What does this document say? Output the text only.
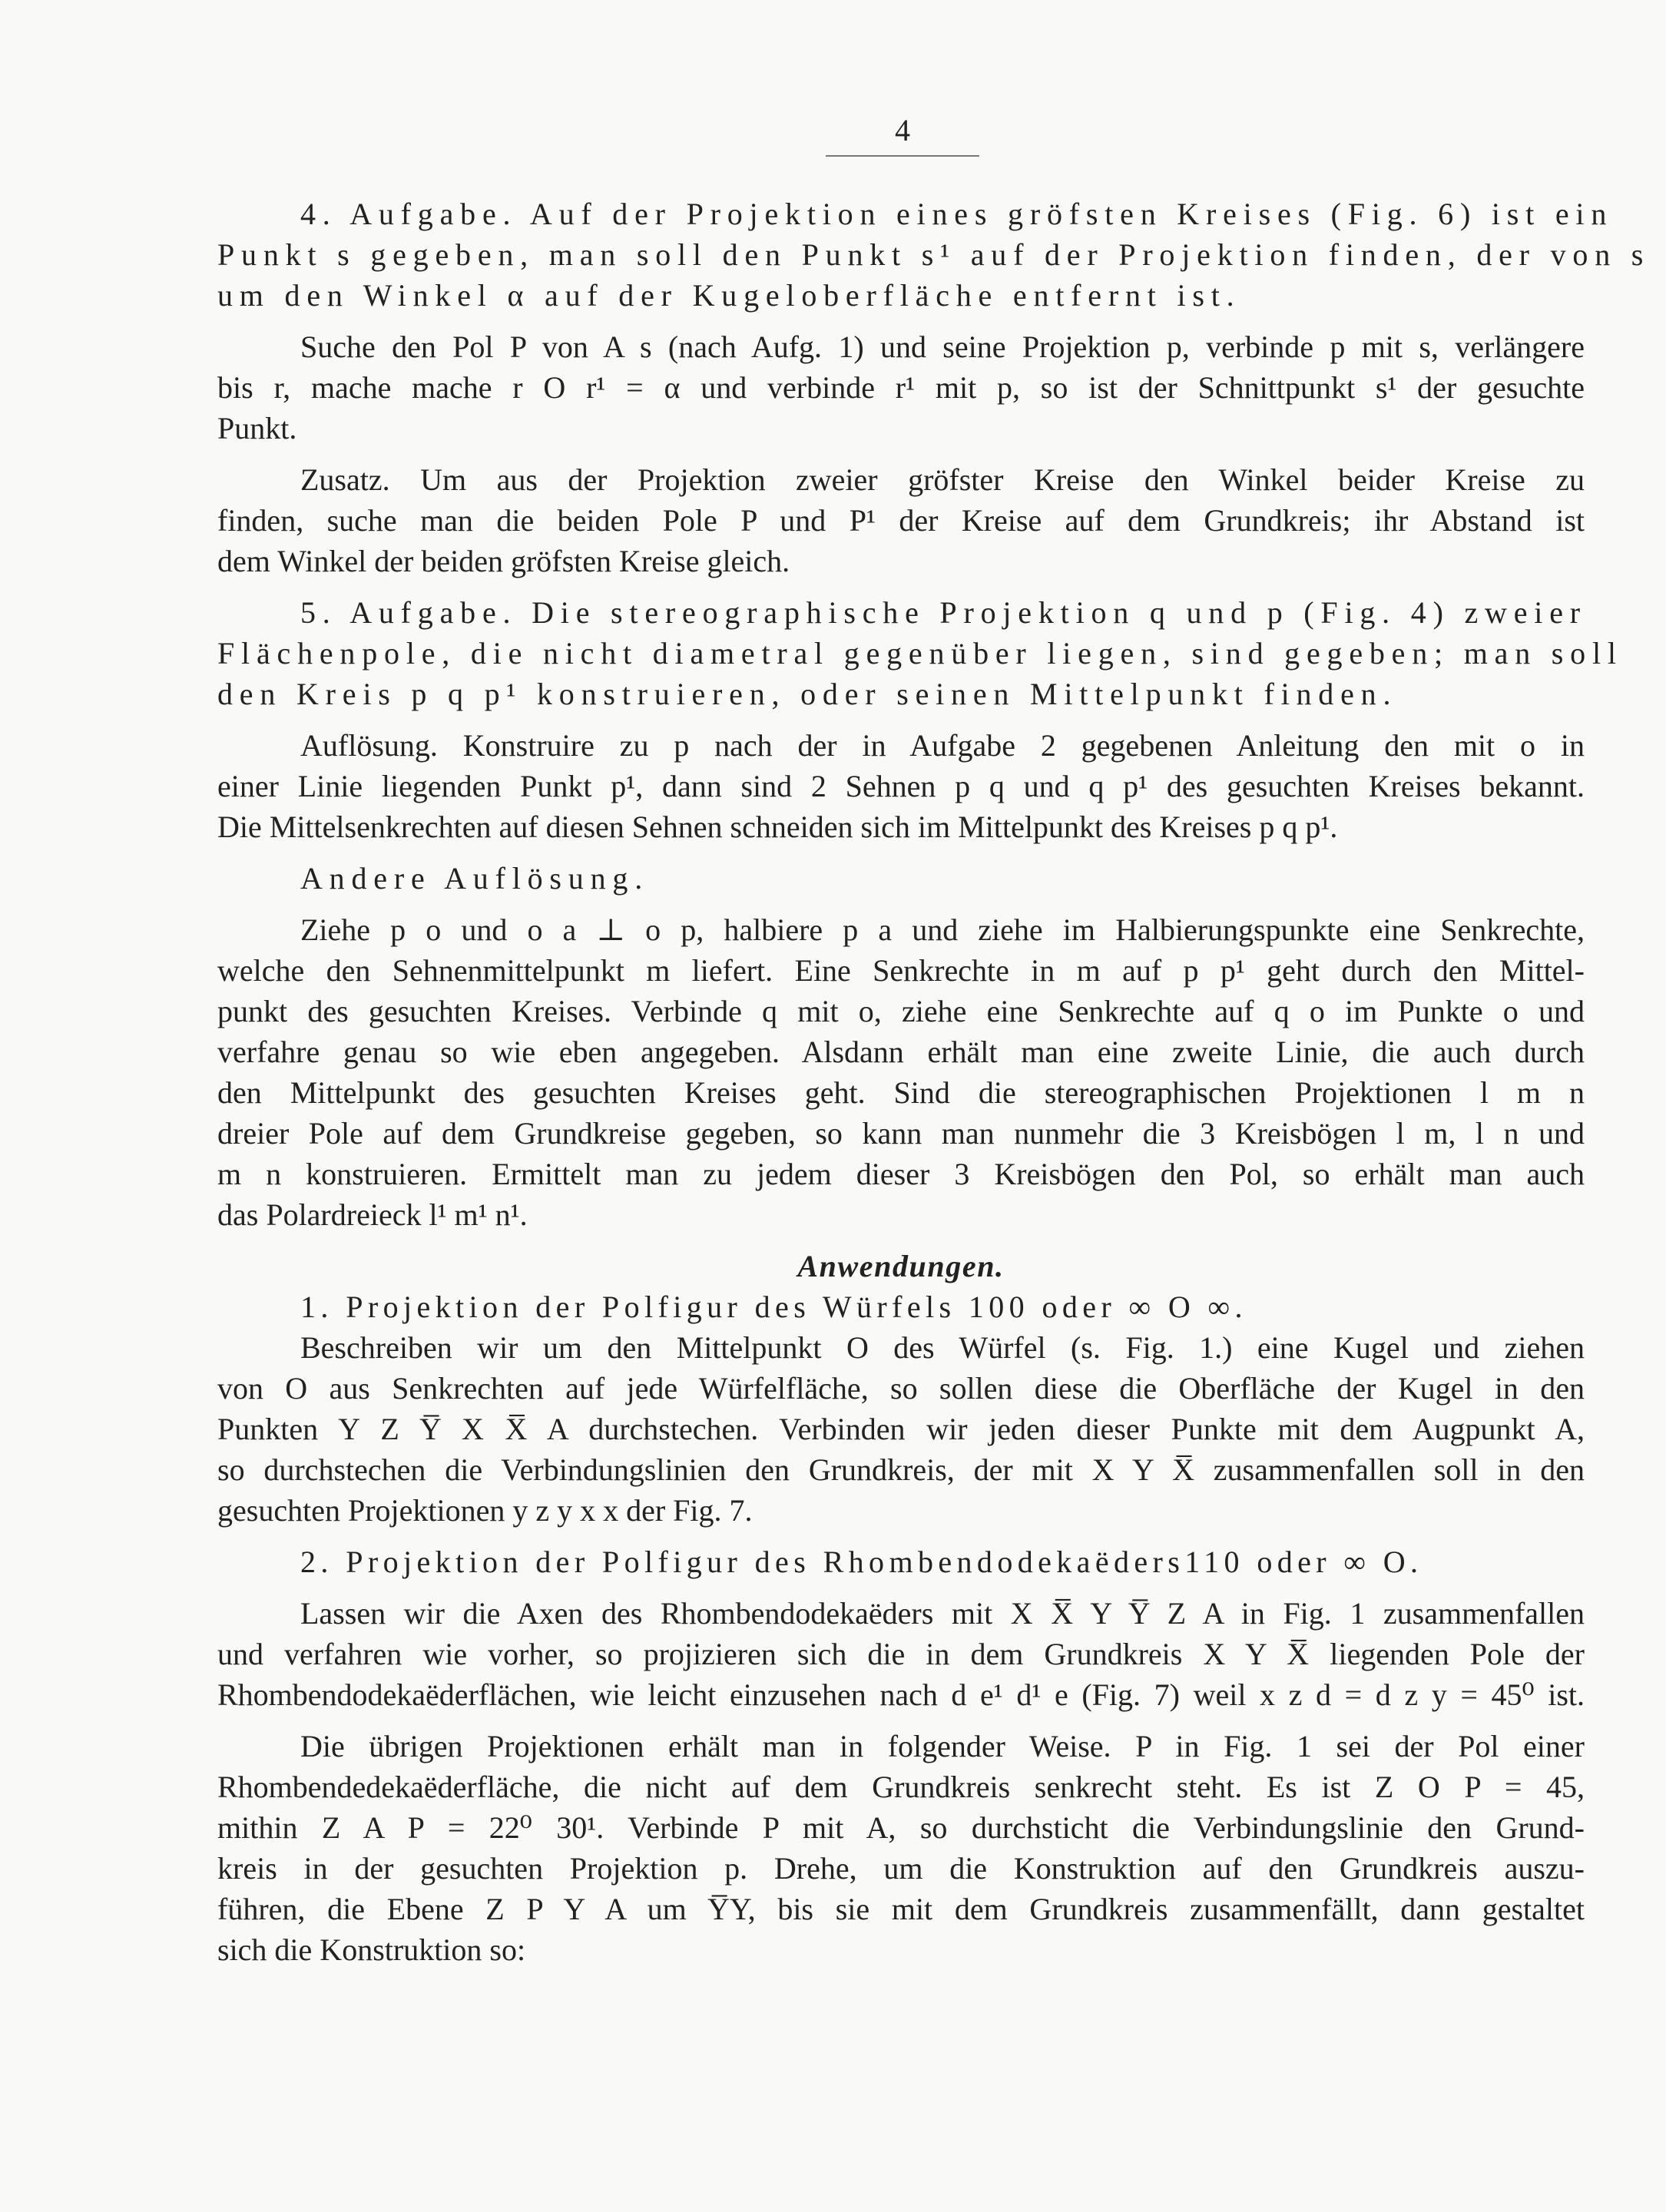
4
4. Aufgabe. Auf der Projektion eines gröfsten Kreises (Fig. 6) ist ein
Punkt s gegeben, man soll den Punkt s¹ auf der Projektion finden, der von s
um den Winkel α auf der Kugeloberfläche entfernt ist.
Suche den Pol P von A s (nach Aufg. 1) und seine Projektion p, verbinde p mit s, verlängere
bis r, mache mache r O r¹ = α und verbinde r¹ mit p, so ist der Schnittpunkt s¹ der gesuchte
Punkt.
Zusatz. Um aus der Projektion zweier gröfster Kreise den Winkel beider Kreise zu
finden, suche man die beiden Pole P und P¹ der Kreise auf dem Grundkreis; ihr Abstand ist
dem Winkel der beiden gröfsten Kreise gleich.
5. Aufgabe. Die stereographische Projektion q und p (Fig. 4) zweier
Flächenpole, die nicht diametral gegenüber liegen, sind gegeben; man soll
den Kreis p q p¹ konstruieren, oder seinen Mittelpunkt finden.
Auflösung. Konstruire zu p nach der in Aufgabe 2 gegebenen Anleitung den mit o in
einer Linie liegenden Punkt p¹, dann sind 2 Sehnen p q und q p¹ des gesuchten Kreises bekannt.
Die Mittelsenkrechten auf diesen Sehnen schneiden sich im Mittelpunkt des Kreises p q p¹.
Andere Auflösung.
Ziehe p o und o a ⊥ o p, halbiere p a und ziehe im Halbierungspunkte eine Senkrechte,
welche den Sehnenmittelpunkt m liefert. Eine Senkrechte in m auf p p¹ geht durch den Mittel-
punkt des gesuchten Kreises. Verbinde q mit o, ziehe eine Senkrechte auf q o im Punkte o und
verfahre genau so wie eben angegeben. Alsdann erhält man eine zweite Linie, die auch durch
den Mittelpunkt des gesuchten Kreises geht. Sind die stereographischen Projektionen l m n
dreier Pole auf dem Grundkreise gegeben, so kann man nunmehr die 3 Kreisbögen l m, l n und
m n konstruieren. Ermittelt man zu jedem dieser 3 Kreisbögen den Pol, so erhält man auch
das Polardreieck l¹ m¹ n¹.
Anwendungen.
1. Projektion der Polfigur des Würfels 100 oder ∞ O ∞.
Beschreiben wir um den Mittelpunkt O des Würfel (s. Fig. 1.) eine Kugel und ziehen
von O aus Senkrechten auf jede Würfelfläche, so sollen diese die Oberfläche der Kugel in den
Punkten Y Z Y̅ X X̅ A durchstechen. Verbinden wir jeden dieser Punkte mit dem Augpunkt A,
so durchstechen die Verbindungslinien den Grundkreis, der mit X Y X̅ zusammenfallen soll in den
gesuchten Projektionen y z y x x der Fig. 7.
2. Projektion der Polfigur des Rhombendodekaëders110 oder ∞ O.
Lassen wir die Axen des Rhombendodekaëders mit X X̅ Y Y̅ Z A in Fig. 1 zusammenfallen
und verfahren wie vorher, so projizieren sich die in dem Grundkreis X Y X̅ liegenden Pole der
Rhombendodekaëderflächen, wie leicht einzusehen nach d e¹ d¹ e (Fig. 7) weil x z d = d z y = 45⁰ ist.
Die übrigen Projektionen erhält man in folgender Weise. P in Fig. 1 sei der Pol einer
Rhombendedekaëderfläche, die nicht auf dem Grundkreis senkrecht steht. Es ist Z O P = 45,
mithin Z A P = 22⁰ 30¹. Verbinde P mit A, so durchsticht die Verbindungslinie den Grund-
kreis in der gesuchten Projektion p. Drehe, um die Konstruktion auf den Grundkreis auszu-
führen, die Ebene Z P Y A um Y̅Y, bis sie mit dem Grundkreis zusammenfällt, dann gestaltet
sich die Konstruktion so:
